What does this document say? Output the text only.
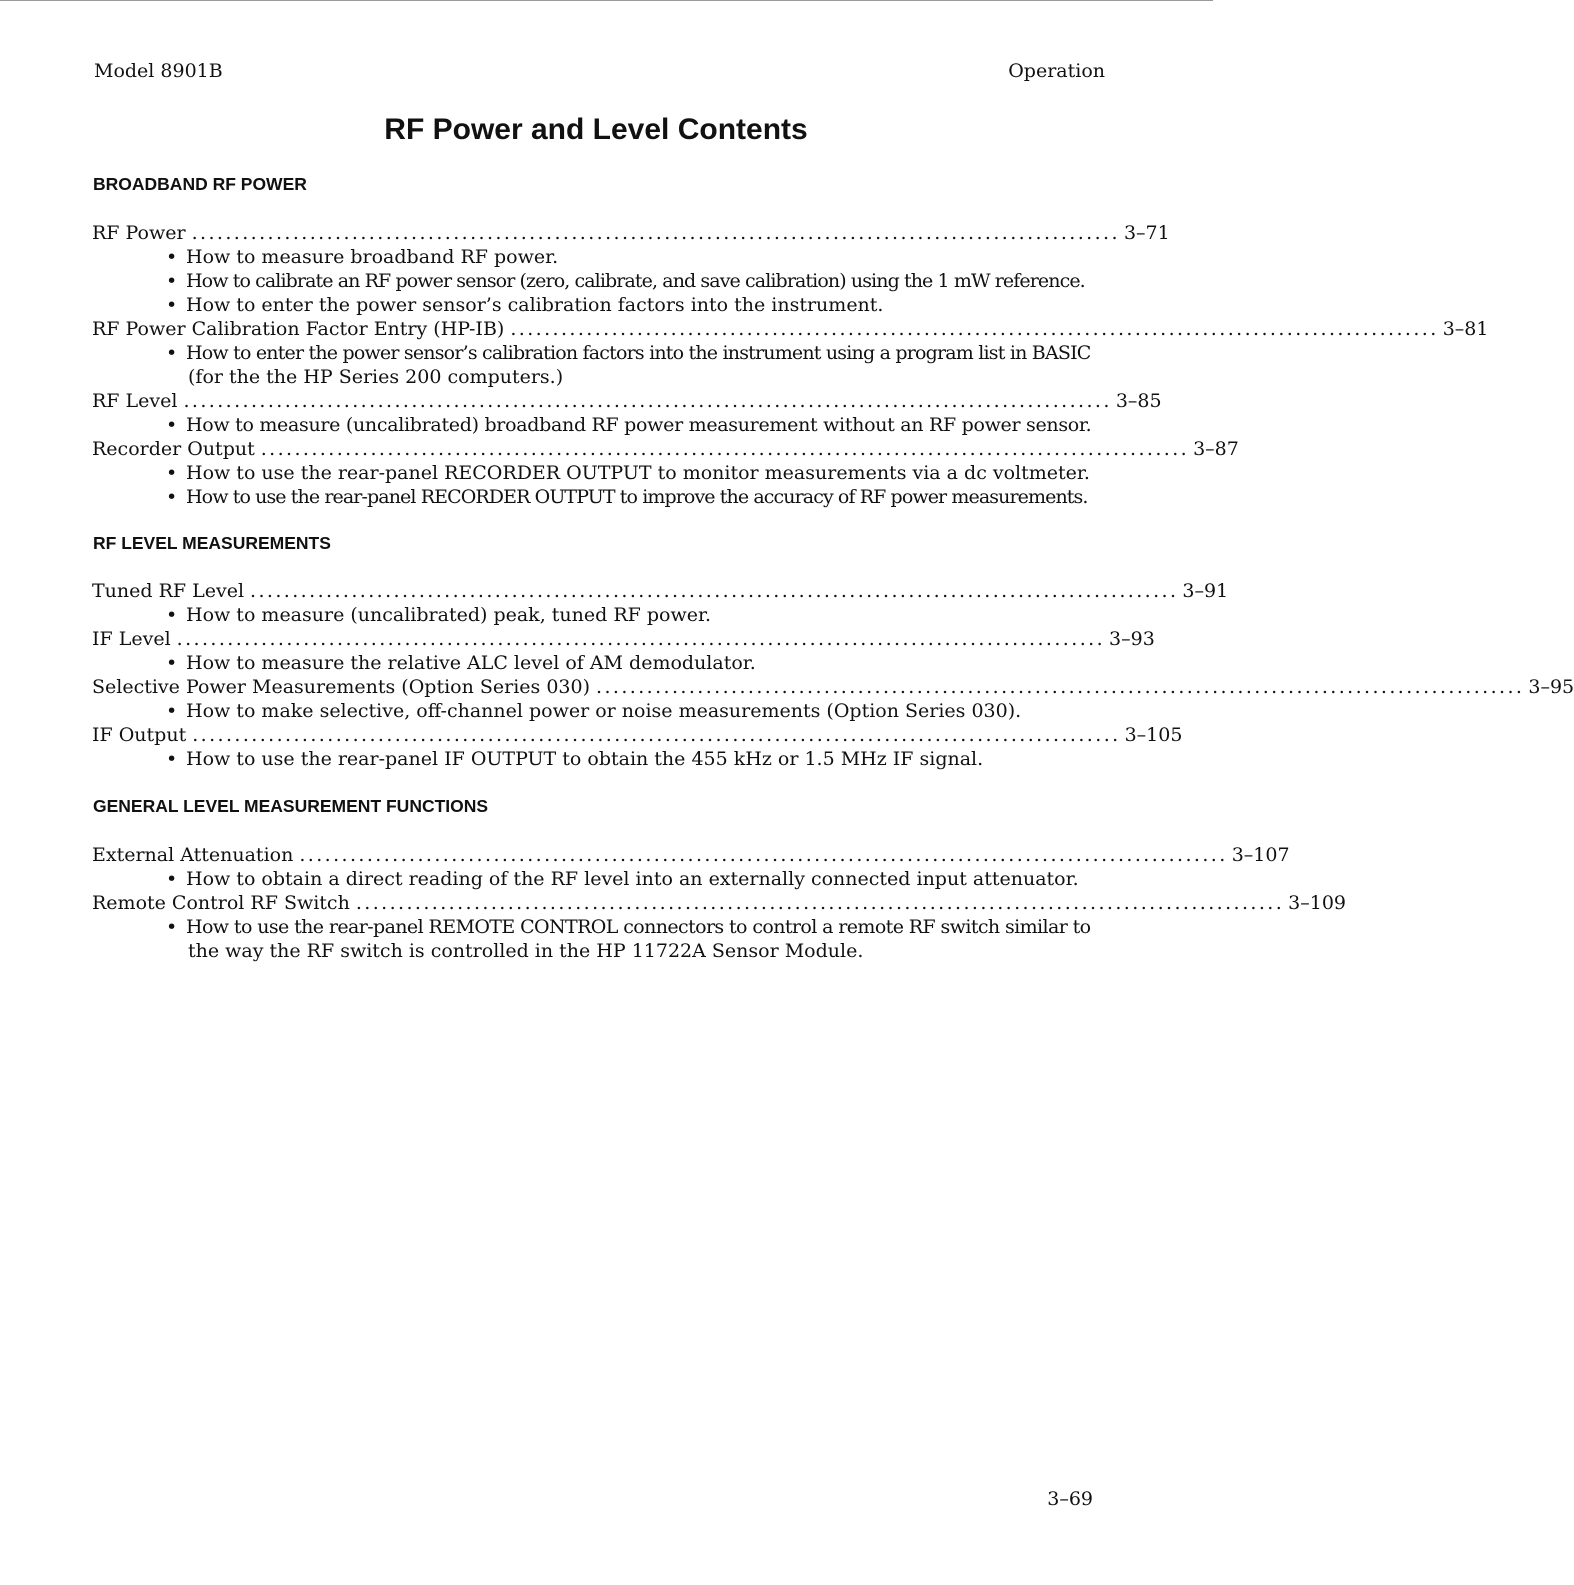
Model 8901B	Operation
RF Power and Level Contents
BROADBAND RF POWER
RF Power .............................................................................................................. 3–71
• How to measure broadband RF power.
• How to calibrate an RF power sensor (zero, calibrate, and save calibration) using the 1 mW reference.
• How to enter the power sensor’s calibration factors into the instrument.
RF Power Calibration Factor Entry (HP-IB) .............................................................................................................. 3–81
• How to enter the power sensor’s calibration factors into the instrument using a program list in BASIC
(for the the HP Series 200 computers.)
RF Level .............................................................................................................. 3–85
• How to measure (uncalibrated) broadband RF power measurement without an RF power sensor.
Recorder Output .............................................................................................................. 3–87
• How to use the rear-panel RECORDER OUTPUT to monitor measurements via a dc voltmeter.
• How to use the rear-panel RECORDER OUTPUT to improve the accuracy of RF power measurements.
RF LEVEL MEASUREMENTS
Tuned RF Level .............................................................................................................. 3–91
• How to measure (uncalibrated) peak, tuned RF power.
IF Level .............................................................................................................. 3–93
• How to measure the relative ALC level of AM demodulator.
Selective Power Measurements (Option Series 030) .............................................................................................................. 3–95
• How to make selective, off-channel power or noise measurements (Option Series 030).
IF Output .............................................................................................................. 3–105
• How to use the rear-panel IF OUTPUT to obtain the 455 kHz or 1.5 MHz IF signal.
GENERAL LEVEL MEASUREMENT FUNCTIONS
External Attenuation .............................................................................................................. 3–107
• How to obtain a direct reading of the RF level into an externally connected input attenuator.
Remote Control RF Switch .............................................................................................................. 3–109
• How to use the rear-panel REMOTE CONTROL connectors to control a remote RF switch similar to
the way the RF switch is controlled in the HP 11722A Sensor Module.
3–69
